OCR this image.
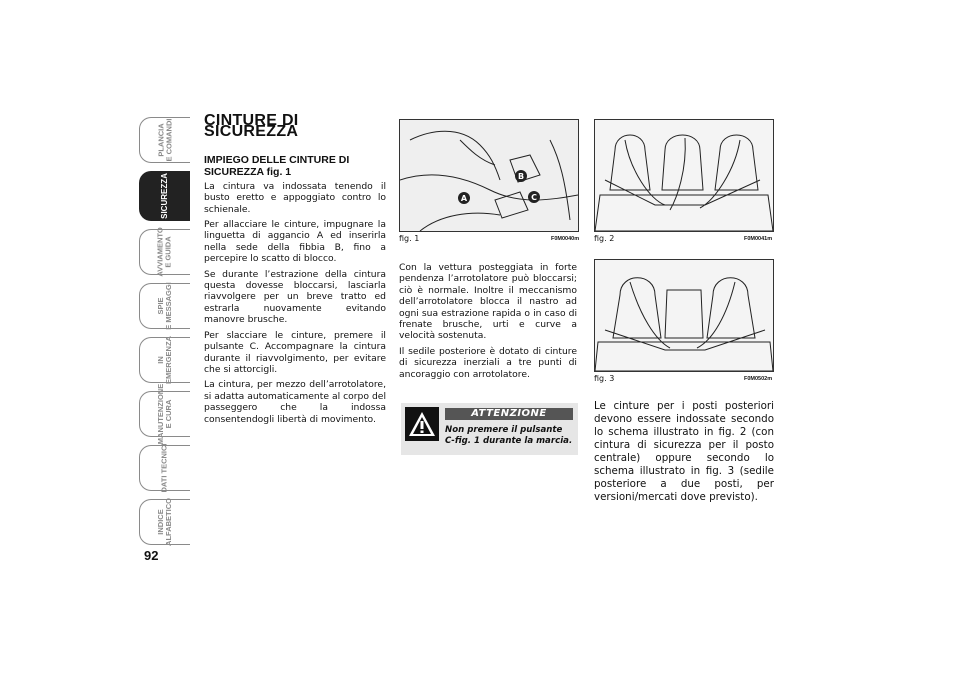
PLANCIA
E COMANDI
SICUREZZA
AVVIAMENTO
E GUIDA
SPIE
E MESSAGGI
IN
EMERGENZA
MANUTENZIONE
E CURA
DATI TECNICI
INDICE
ALFABETICO
92
CINTURE DI SICUREZZA
IMPIEGO DELLE CINTURE DI SICUREZZA fig. 1

La cintura va indossata tenendo il busto eretto e appoggiato contro lo schienale.

Per allacciare le cinture, impugnare la linguetta di aggancio A ed inserirla nella sede della fibbia B, fino a percepire lo scatto di blocco.

Se durante l’estrazione della cintura questa dovesse bloccarsi, lasciarla riavvolgere per un breve tratto ed estrarla nuovamente evitando manovre brusche.

Per slacciare le cinture, premere il pulsante C. Accompagnare la cintura durante il riavvolgimento, per evitare che si attorcigli.

La cintura, per mezzo dell’arrotolatore, si adatta automaticamente al corpo del passeggero che la indossa consentendogli libertà di movimento.

A
B
C
fig. 1	F0M0040m fig. 2	F0M0041m
fig. 3	F0M0502m

Con la vettura posteggiata in forte pendenza l’arrotolatore può bloccarsi; ciò è normale. Inoltre il meccanismo dell’arrotolatore blocca il nastro ad ogni sua estrazione rapida o in caso di frenate brusche, urti e curve a velocità sostenuta.

Il sedile posteriore è dotato di cinture di sicurezza inerziali a tre punti di ancoraggio con arrotolatore.

ATTENZIONE
Non premere il pulsante C-fig. 1 durante la marcia.

Le cinture per i posti posteriori devono essere indossate secondo lo schema illustrato in fig. 2 (con cintura di sicurezza per il posto centrale) oppure secondo lo schema illustrato in fig. 3 (sedile posteriore a due posti, per versioni/mercati dove previsto).
